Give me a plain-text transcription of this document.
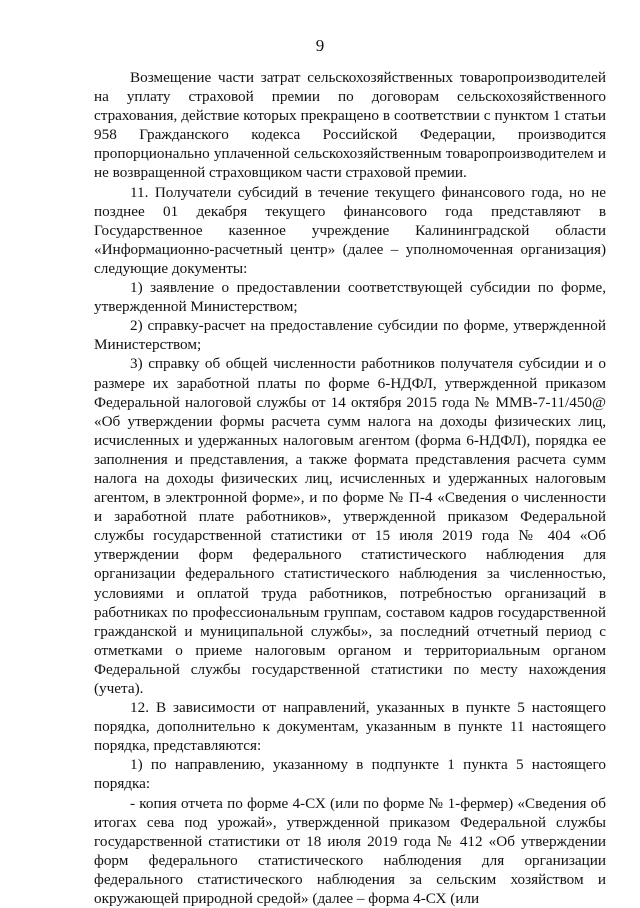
9

Возмещение части затрат сельскохозяйственных товаропроизводителей на уплату страховой премии по договорам сельскохозяйственного страхования, действие которых прекращено в соответствии с пунктом 1 статьи 958 Гражданского кодекса Российской Федерации, производится пропорционально уплаченной сельскохозяйственным товаропроизводителем и не возвращенной страховщиком части страховой премии.

11. Получатели субсидий в течение текущего финансового года, но не позднее 01 декабря текущего финансового года представляют в Государственное казенное учреждение Калининградской области «Информационно-расчетный центр» (далее – уполномоченная организация) следующие документы:

1) заявление о предоставлении соответствующей субсидии по форме, утвержденной Министерством;

2) справку-расчет на предоставление субсидии по форме, утвержденной Министерством;

3) справку об общей численности работников получателя субсидии и о размере их заработной платы по форме 6-НДФЛ, утвержденной приказом Федеральной налоговой службы от 14 октября 2015 года № ММВ-7-11/450@ «Об утверждении формы расчета сумм налога на доходы физических лиц, исчисленных и удержанных налоговым агентом (форма 6-НДФЛ), порядка ее заполнения и представления, а также формата представления расчета сумм налога на доходы физических лиц, исчисленных и удержанных налоговым агентом, в электронной форме», и по форме № П-4 «Сведения о численности и заработной плате работников», утвержденной приказом Федеральной службы государственной статистики от 15 июля 2019 года № 404 «Об утверждении форм федерального статистического наблюдения для организации федерального статистического наблюдения за численностью, условиями и оплатой труда работников, потребностью организаций в работниках по профессиональным группам, составом кадров государственной гражданской и муниципальной службы», за последний отчетный период с отметками о приеме налоговым органом и территориальным органом Федеральной службы государственной статистики по месту нахождения (учета).

12. В зависимости от направлений, указанных в пункте 5 настоящего порядка, дополнительно к документам, указанным в пункте 11 настоящего порядка, представляются:

1) по направлению, указанному в подпункте 1 пункта 5 настоящего порядка:

- копия отчета по форме 4-СХ (или по форме № 1-фермер) «Сведения об итогах сева под урожай», утвержденной приказом Федеральной службы государственной статистики от 18 июля 2019 года № 412 «Об утверждении форм федерального статистического наблюдения для организации федерального статистического наблюдения за сельским хозяйством и окружающей природной средой» (далее – форма 4-СХ (или
